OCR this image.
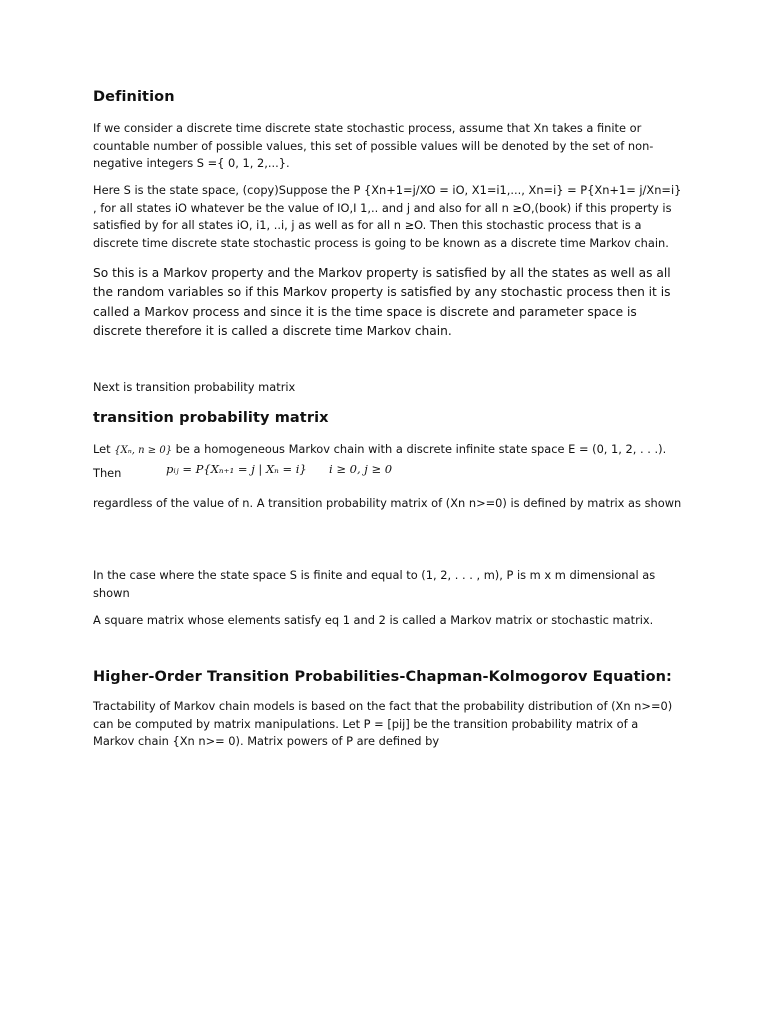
Definition

If we consider a discrete time discrete state stochastic process, assume that Xn takes a finite or countable number of possible values, this set of possible values will be denoted by the set of non-negative integers S ={ 0, 1, 2,...}.

Here S is the state space, (copy)Suppose the P {Xn+1=j/XO = iO, X1=i1,..., Xn=i} = P{Xn+1= j/Xn=i} , for all states iO whatever be the value of IO,I 1,.. and j and also for all n ≥O,(book) if this property is satisfied by for all states iO, i1, ..i, j as well as for all n ≥O. Then this stochastic process that is a discrete time discrete state stochastic process is going to be known as a discrete time Markov chain.

So this is a Markov property and the Markov property is satisfied by all the states as well as all the random variables so if this Markov property is satisfied by any stochastic process then it is called a Markov process and since it is the time space is discrete and parameter space is discrete therefore it is called a discrete time Markov chain.

Next is transition probability matrix
transition probability matrix
Let {Xₙ, n ≥ 0} be a homogeneous Markov chain with a discrete infinite state space E = (0, 1, 2, . . .).
Then	pᵢⱼ = P{Xₙ₊₁ = j | Xₙ = i} i ≥ 0, j ≥ 0

regardless of the value of n. A transition probability matrix of (Xn n>=0) is defined by matrix as shown

In the case where the state space S is finite and equal to (1, 2, . . . , m), P is m x m dimensional as shown

A square matrix whose elements satisfy eq 1 and 2 is called a Markov matrix or stochastic matrix.

Higher-Order Transition Probabilities-Chapman-Kolmogorov Equation:

Tractability of Markov chain models is based on the fact that the probability distribution of (Xn n>=0) can be computed by matrix manipulations. Let P = [pij] be the transition probability matrix of a Markov chain {Xn n>= 0). Matrix powers of P are defined by
